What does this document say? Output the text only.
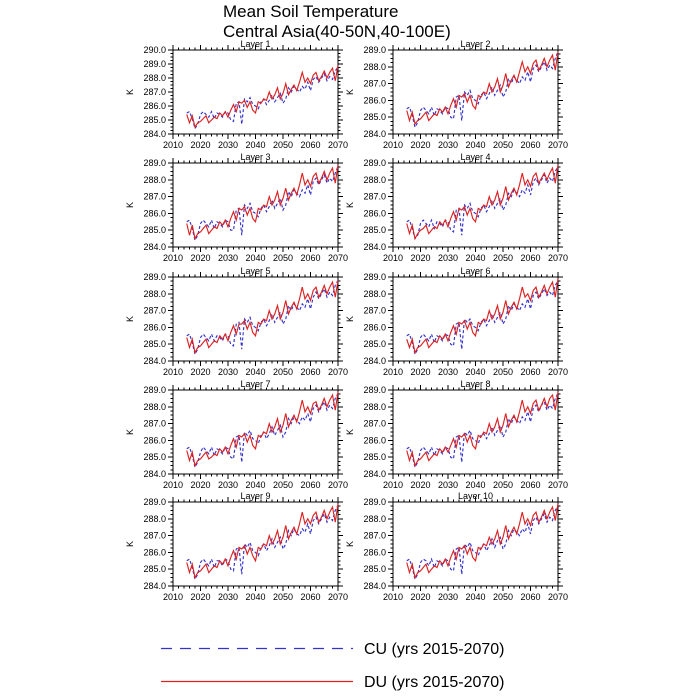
Mean Soil Temperature
Central Asia(40-50N,40-100E)
284.0
285.0
286.0
287.0
288.0
289.0
290.0
2010 2020 2030 2040 2050 2060 2070
Layer 1
K
284.0
285.0
286.0
287.0
288.0
289.0
2010 2020 2030 2040 2050 2060 2070
Layer 2
K
284.0
285.0
286.0
287.0
288.0
289.0
2010 2020 2030 2040 2050 2060 2070
Layer 3
K
284.0
285.0
286.0
287.0
288.0
289.0
2010 2020 2030 2040 2050 2060 2070
Layer 4
K
284.0
285.0
286.0
287.0
288.0
289.0
2010 2020 2030 2040 2050 2060 2070
Layer 5
K
284.0
285.0
286.0
287.0
288.0
289.0
2010 2020 2030 2040 2050 2060 2070
Layer 6
K
284.0
285.0
286.0
287.0
288.0
289.0
2010 2020 2030 2040 2050 2060 2070
Layer 7
K
284.0
285.0
286.0
287.0
288.0
289.0
2010 2020 2030 2040 2050 2060 2070
Layer 8
K
284.0
285.0
286.0
287.0
288.0
289.0
2010 2020 2030 2040 2050 2060 2070
Layer 9
K
284.0
285.0
286.0
287.0
288.0
289.0
2010 2020 2030 2040 2050 2060 2070
Layer 10
K
CU (yrs 2015-2070)
DU (yrs 2015-2070)
